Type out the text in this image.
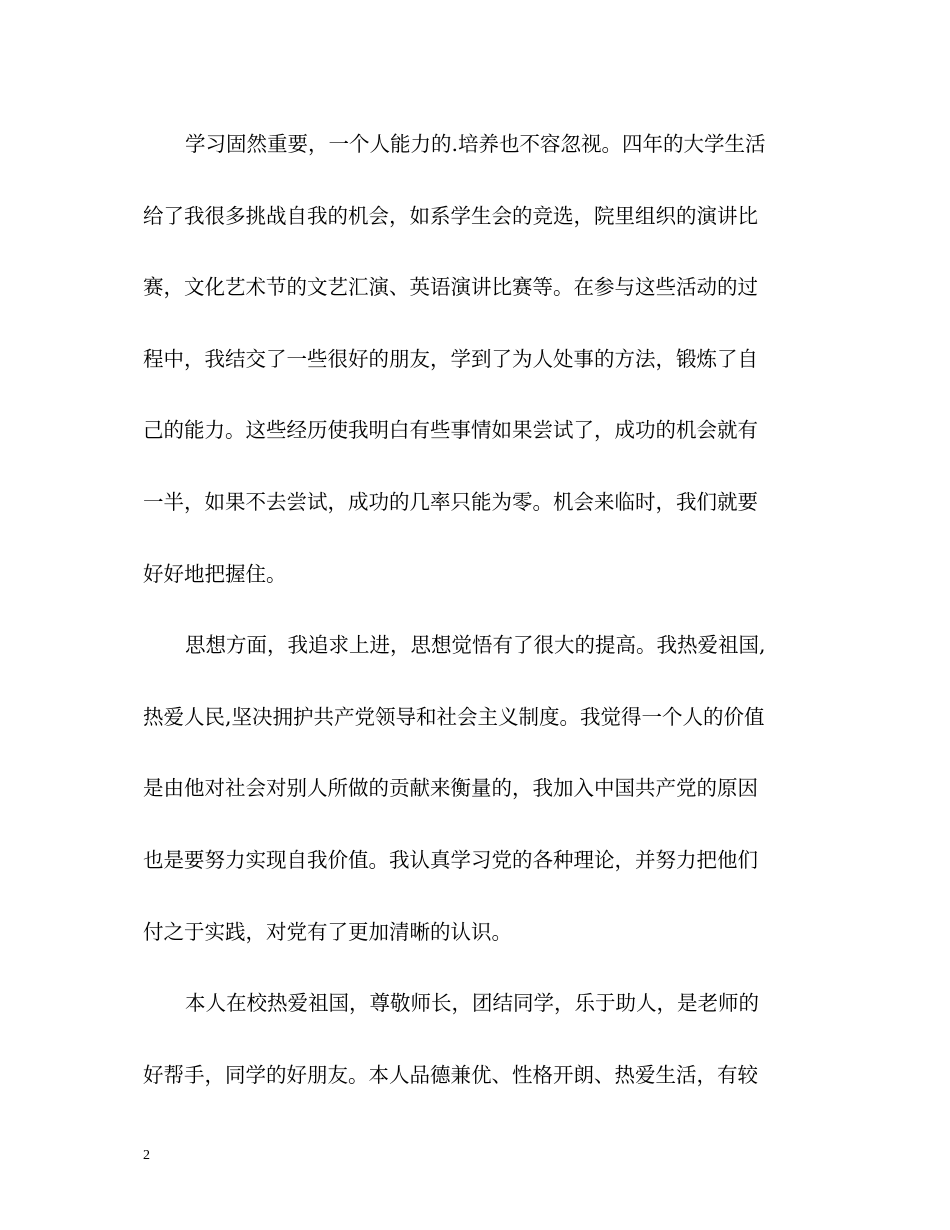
学习固然重要，一个人能力的.培养也不容忽视。四年的大学生活
给了我很多挑战自我的机会，如系学生会的竞选，院里组织的演讲比
赛，文化艺术节的文艺汇演、英语演讲比赛等。在参与这些活动的过
程中，我结交了一些很好的朋友，学到了为人处事的方法，锻炼了自
己的能力。这些经历使我明白有些事情如果尝试了，成功的机会就有
一半，如果不去尝试，成功的几率只能为零。机会来临时，我们就要
好好地把握住。
思想方面，我追求上进，思想觉悟有了很大的提高。我热爱祖国,
热爱人民,坚决拥护共产党领导和社会主义制度。我觉得一个人的价值
是由他对社会对别人所做的贡献来衡量的，我加入中国共产党的原因
也是要努力实现自我价值。我认真学习党的各种理论，并努力把他们
付之于实践，对党有了更加清晰的认识。
本人在校热爱祖国，尊敬师长，团结同学，乐于助人，是老师的
好帮手，同学的好朋友。本人品德兼优、性格开朗、热爱生活，有较
2
